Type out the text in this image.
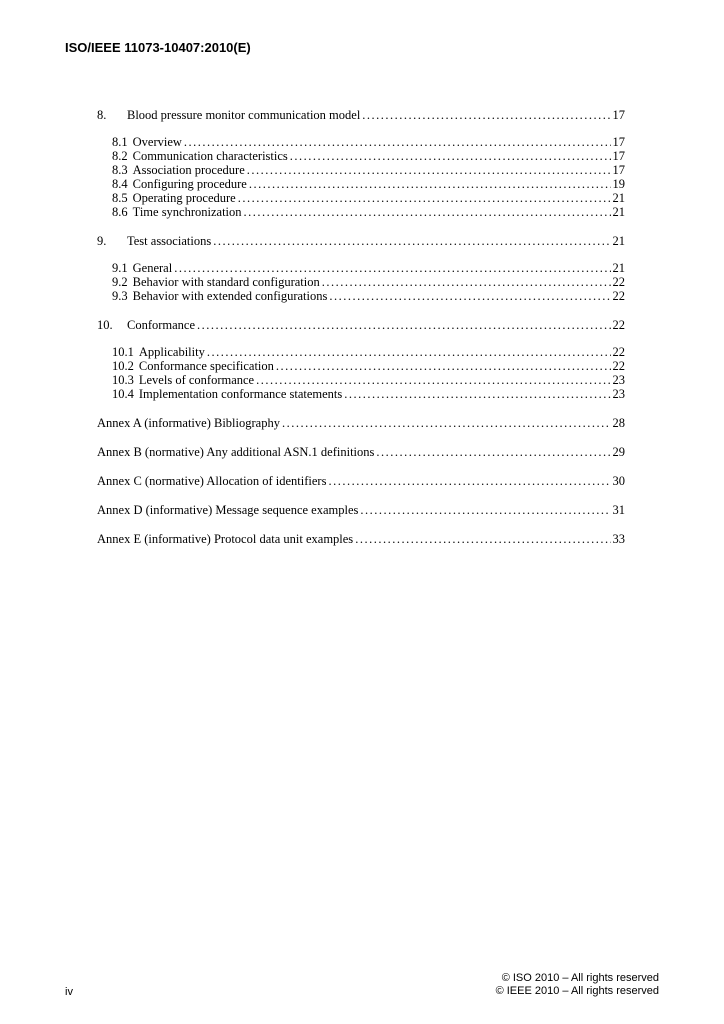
ISO/IEEE 11073-10407:2010(E)
8.	Blood pressure monitor communication model .....	17
8.1 Overview .....	17
8.2 Communication characteristics .....	17
8.3 Association procedure .....	17
8.4 Configuring procedure .....	19
8.5 Operating procedure .....	21
8.6 Time synchronization .....	21
9.	Test associations .....	21
9.1 General .....	21
9.2 Behavior with standard configuration .....	22
9.3 Behavior with extended configurations .....	22
10.	Conformance .....	22
10.1 Applicability .....	22
10.2 Conformance specification .....	22
10.3 Levels of conformance .....	23
10.4 Implementation conformance statements .....	23
Annex A (informative) Bibliography .....	28
Annex B (normative) Any additional ASN.1 definitions .....	29
Annex C (normative) Allocation of identifiers .....	30
Annex D (informative) Message sequence examples .....	31
Annex E (informative) Protocol data unit examples .....	33
iv
© ISO 2010 – All rights reserved
© IEEE 2010 – All rights reserved
